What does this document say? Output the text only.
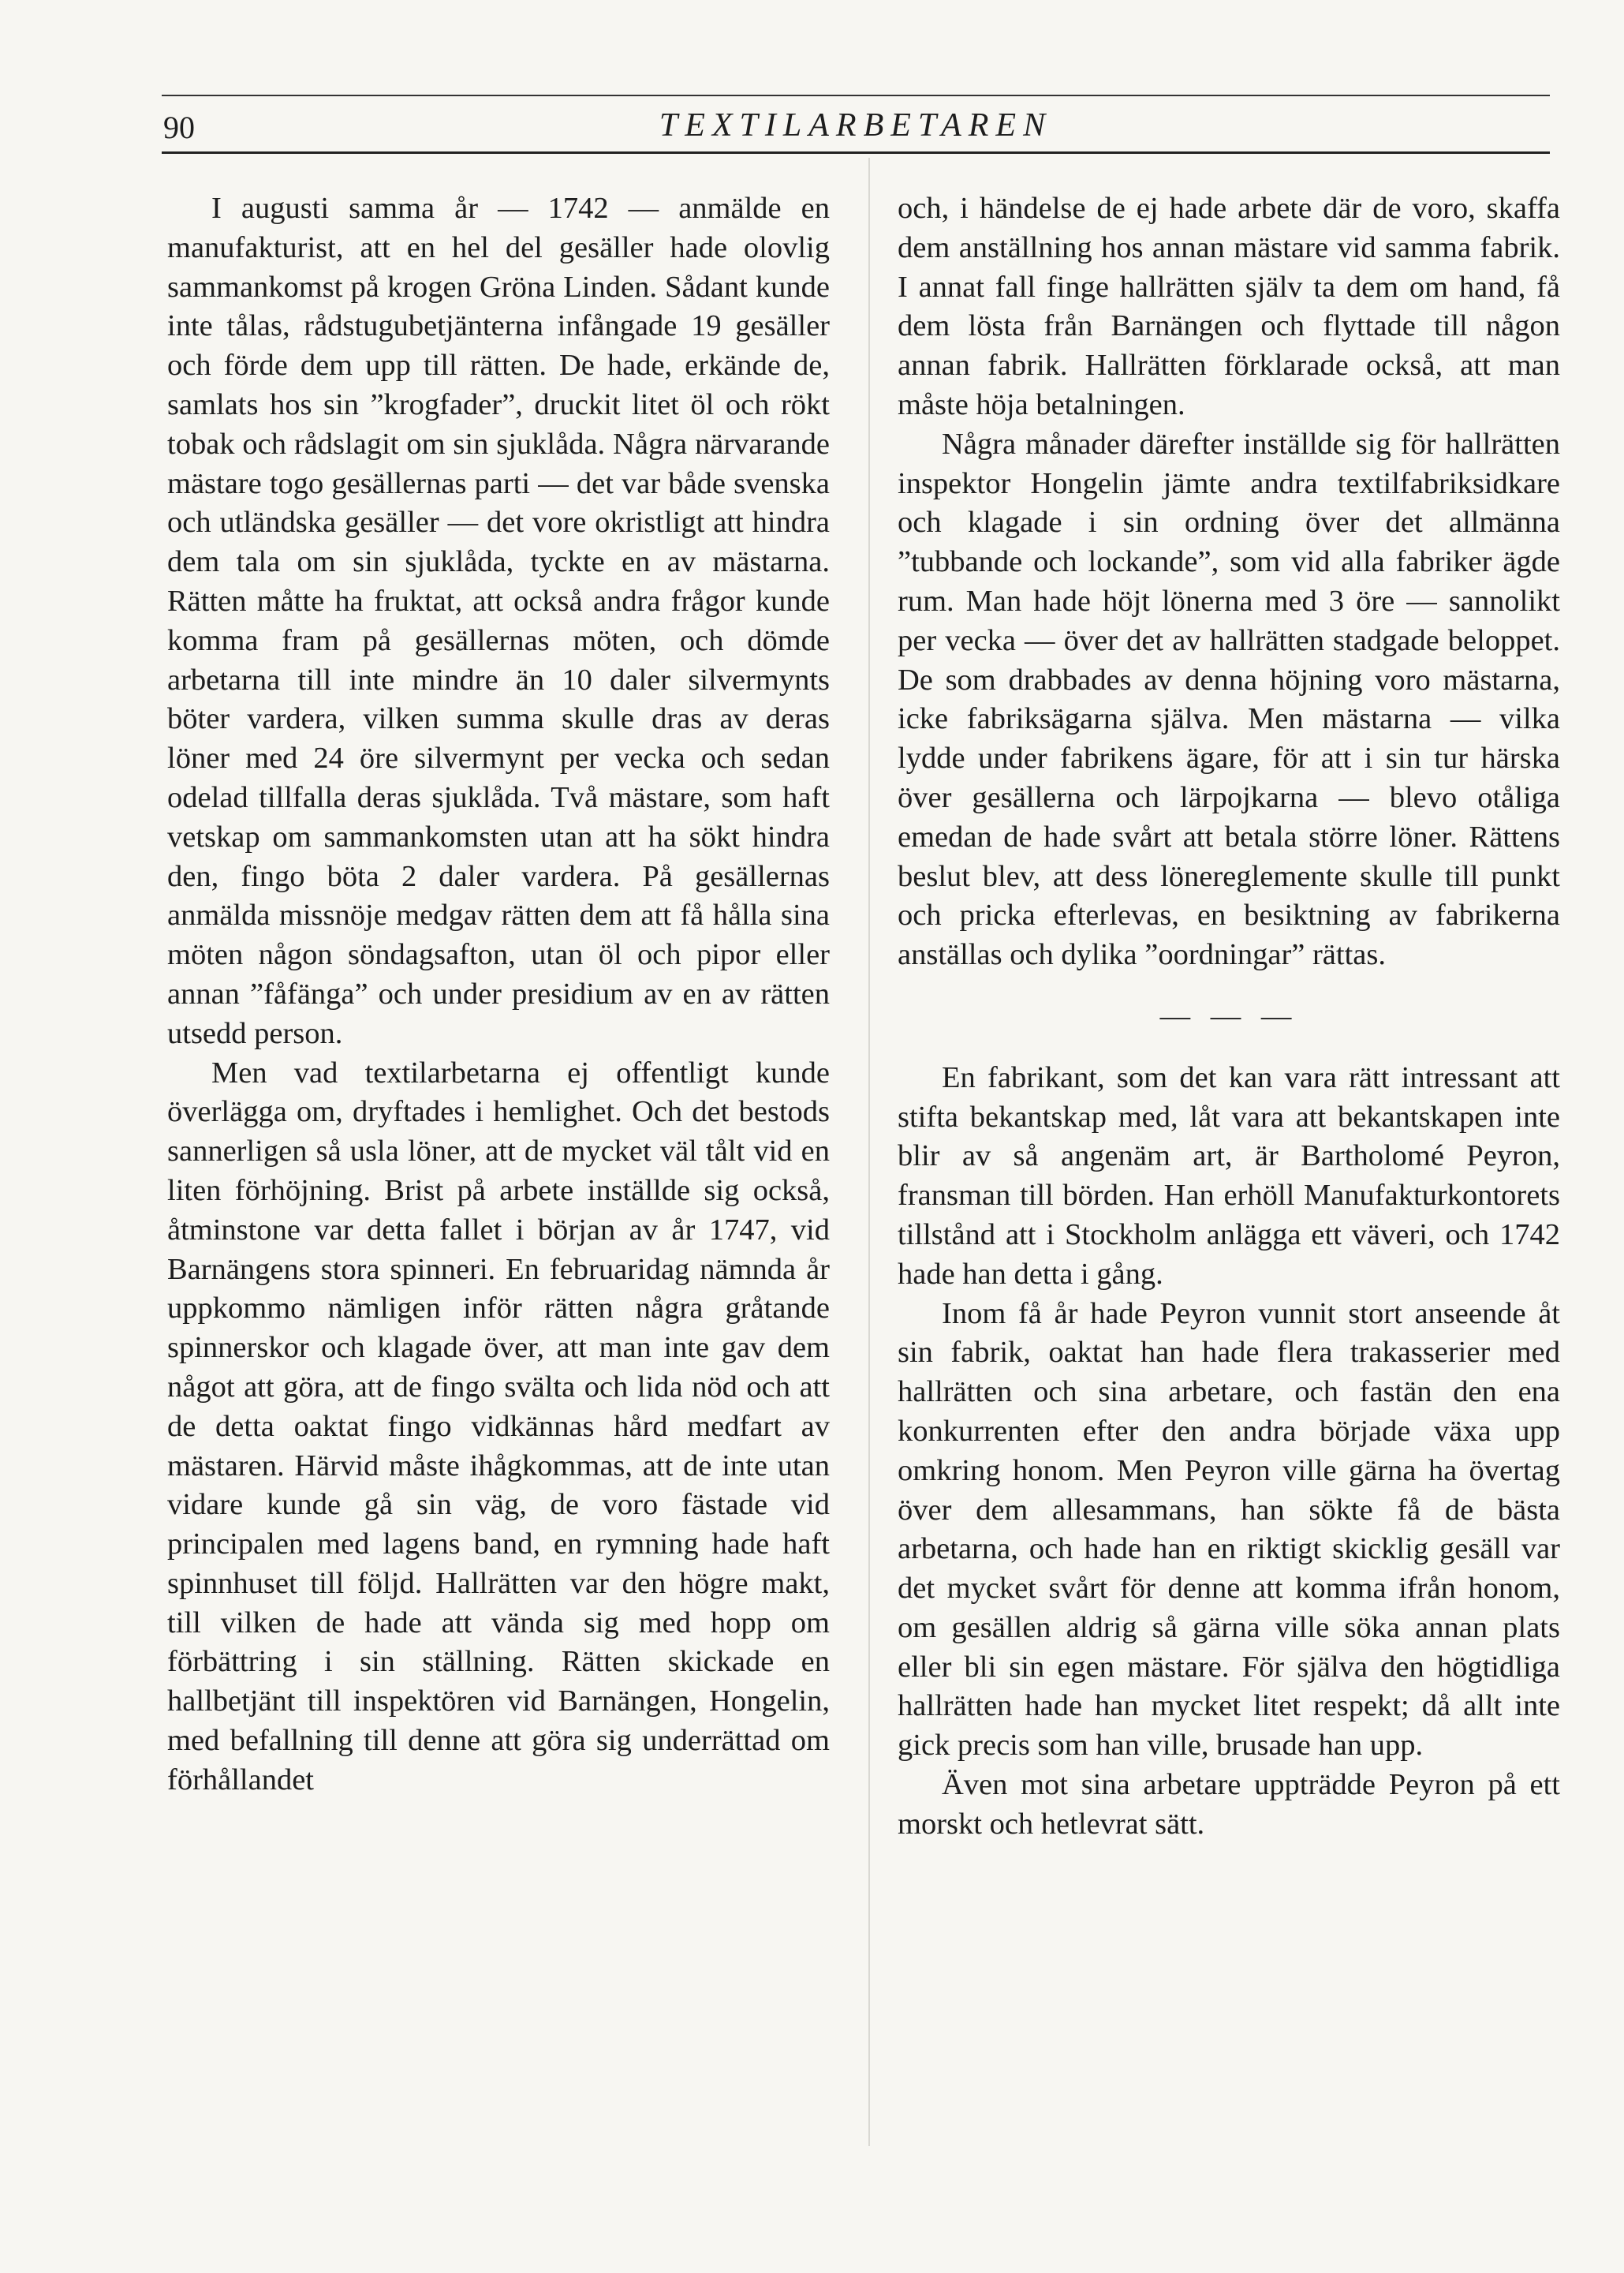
90	TEXTILARBETAREN

I augusti samma år — 1742 — anmälde en manufakturist, att en hel del gesäller hade olovlig sammankomst på krogen Gröna Linden. Sådant kunde inte tålas, rådstugubetjänterna infångade 19 gesäller och förde dem upp till rätten. De hade, erkände de, samlats hos sin ”krogfader”, druckit litet öl och rökt tobak och rådslagit om sin sjuklåda. Några närvarande mästare togo gesällernas parti — det var både svenska och utländska gesäller — det vore okristligt att hindra dem tala om sin sjuklåda, tyckte en av mästarna. Rätten måtte ha fruktat, att också andra frågor kunde komma fram på gesällernas möten, och dömde arbetarna till inte mindre än 10 daler silvermynts böter vardera, vilken summa skulle dras av deras löner med 24 öre silvermynt per vecka och sedan odelad tillfalla deras sjuklåda. Två mästare, som haft vetskap om sammankomsten utan att ha sökt hindra den, fingo böta 2 daler vardera. På gesällernas anmälda missnöje medgav rätten dem att få hålla sina möten någon söndagsafton, utan öl och pipor eller annan ”fåfänga” och under presidium av en av rätten utsedd person.

Men vad textilarbetarna ej offentligt kunde överlägga om, dryftades i hemlighet. Och det bestods sannerligen så usla löner, att de mycket väl tålt vid en liten förhöjning. Brist på arbete inställde sig också, åtminstone var detta fallet i början av år 1747, vid Barnängens stora spinneri. En februaridag nämnda år uppkommo nämligen inför rätten några gråtande spinnerskor och klagade över, att man inte gav dem något att göra, att de fingo svälta och lida nöd och att de detta oaktat fingo vidkännas hård medfart av mästaren. Härvid måste ihågkommas, att de inte utan vidare kunde gå sin väg, de voro fästade vid principalen med lagens band, en rymning hade haft spinnhuset till följd. Hallrätten var den högre makt, till vilken de hade att vända sig med hopp om förbättring i sin ställning. Rätten skickade en hallbetjänt till inspektören vid Barnängen, Hongelin, med befallning till denne att göra sig underrättad om förhållandet

och, i händelse de ej hade arbete där de voro, skaffa dem anställning hos annan mästare vid samma fabrik. I annat fall finge hallrätten själv ta dem om hand, få dem lösta från Barnängen och flyttade till någon annan fabrik. Hallrätten förklarade också, att man måste höja betalningen.

Några månader därefter inställde sig för hallrätten inspektor Hongelin jämte andra textilfabriksidkare och klagade i sin ordning över det allmänna ”tubbande och lockande”, som vid alla fabriker ägde rum. Man hade höjt lönerna med 3 öre — sannolikt per vecka — över det av hallrätten stadgade beloppet. De som drabbades av denna höjning voro mästarna, icke fabriksägarna själva. Men mästarna — vilka lydde under fabrikens ägare, för att i sin tur härska över gesällerna och lärpojkarna — blevo otåliga emedan de hade svårt att betala större löner. Rättens beslut blev, att dess lönereglemente skulle till punkt och pricka efterlevas, en besiktning av fabrikerna anställas och dylika ”oordningar” rättas.

— — —

En fabrikant, som det kan vara rätt intressant att stifta bekantskap med, låt vara att bekantskapen inte blir av så angenäm art, är Bartholomé Peyron, fransman till börden. Han erhöll Manufakturkontorets tillstånd att i Stockholm anlägga ett väveri, och 1742 hade han detta i gång.

Inom få år hade Peyron vunnit stort anseende åt sin fabrik, oaktat han hade flera trakasserier med hallrätten och sina arbetare, och fastän den ena konkurrenten efter den andra började växa upp omkring honom. Men Peyron ville gärna ha övertag över dem allesammans, han sökte få de bästa arbetarna, och hade han en riktigt skicklig gesäll var det mycket svårt för denne att komma ifrån honom, om gesällen aldrig så gärna ville söka annan plats eller bli sin egen mästare. För själva den högtidliga hallrätten hade han mycket litet respekt; då allt inte gick precis som han ville, brusade han upp.

Även mot sina arbetare uppträdde Peyron på ett morskt och hetlevrat sätt.
